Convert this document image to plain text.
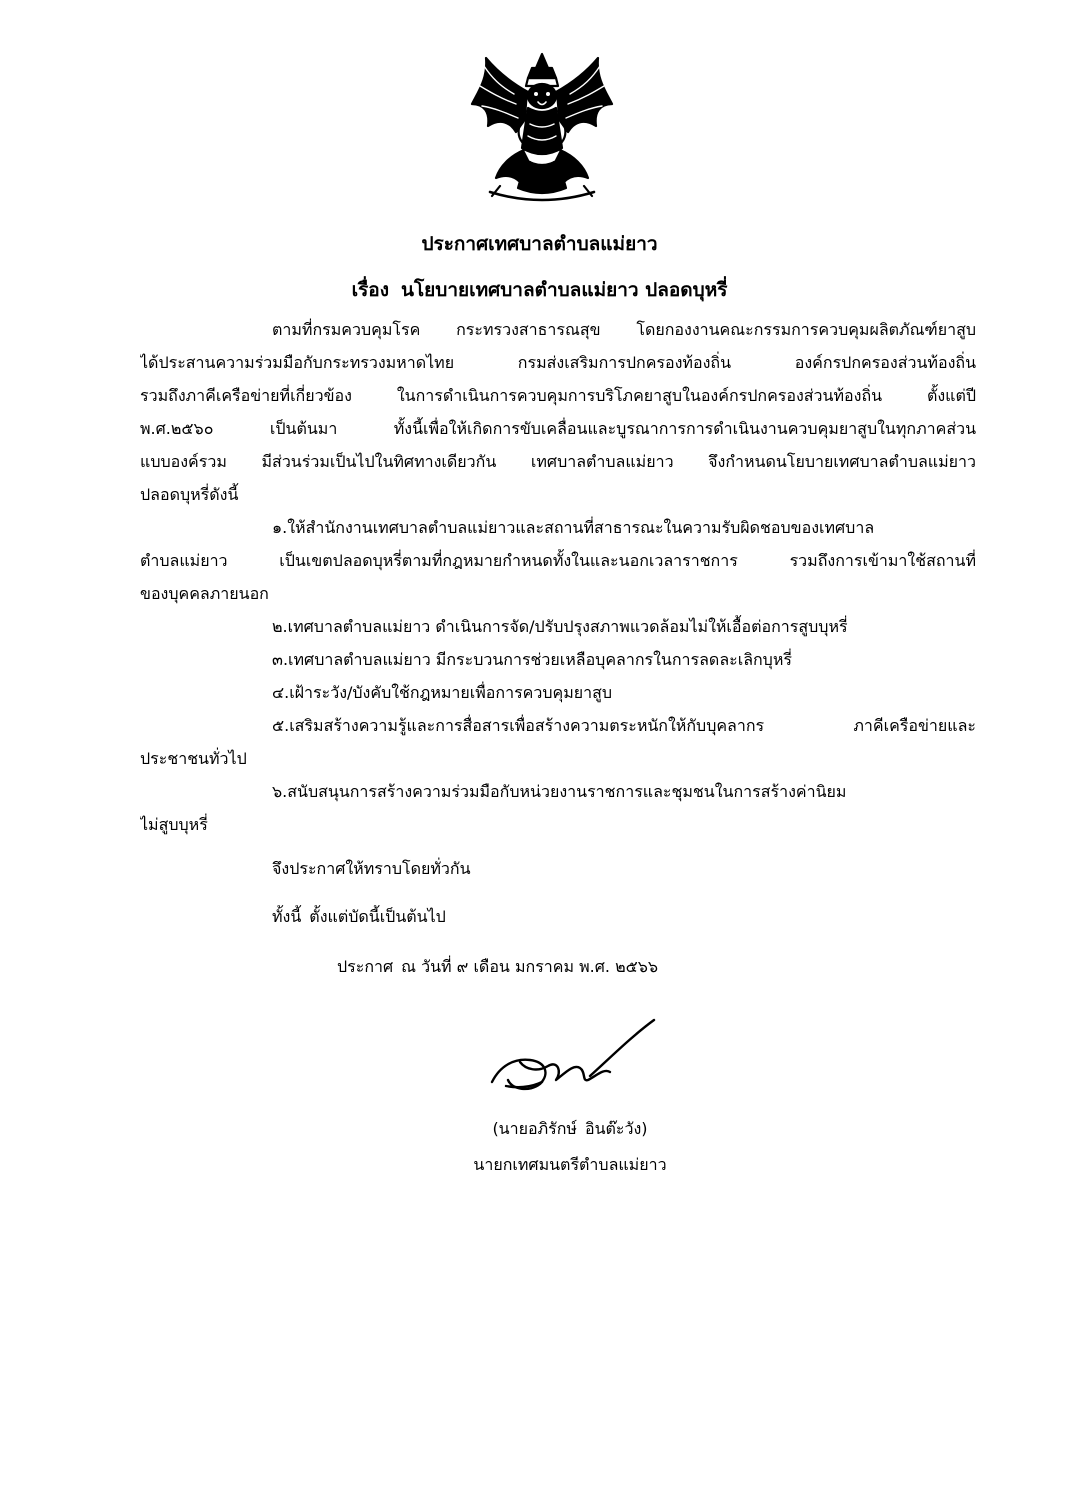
ประกาศเทศบาลตำบลแม่ยาว
เรื่อง นโยบายเทศบาลตำบลแม่ยาว ปลอดบุหรี่
ตามที่กรมควบคุมโรค กระทรวงสาธารณสุข โดยกองงานคณะกรรมการควบคุมผลิตภัณฑ์ยาสูบ
ได้ประสานความร่วมมือกับกระทรวงมหาดไทย กรมส่งเสริมการปกครองท้องถิ่น องค์กรปกครองส่วนท้องถิ่น
รวมถึงภาคีเครือข่ายที่เกี่ยวข้อง ในการดำเนินการควบคุมการบริโภคยาสูบในองค์กรปกครองส่วนท้องถิ่น ตั้งแต่ปี
พ.ศ.๒๕๖๐ เป็นต้นมา ทั้งนี้เพื่อให้เกิดการขับเคลื่อนและบูรณาการการดำเนินงานควบคุมยาสูบในทุกภาคส่วน
แบบองค์รวม มีส่วนร่วมเป็นไปในทิศทางเดียวกัน เทศบาลตำบลแม่ยาว จึงกำหนดนโยบายเทศบาลตำบลแม่ยาว
ปลอดบุหรี่ดังนี้
๑.ให้สำนักงานเทศบาลตำบลแม่ยาวและสถานที่สาธารณะในความรับผิดชอบของเทศบาล
ตำบลแม่ยาว เป็นเขตปลอดบุหรี่ตามที่กฎหมายกำหนดทั้งในและนอกเวลาราชการ รวมถึงการเข้ามาใช้สถานที่
ของบุคคลภายนอก
๒.เทศบาลตำบลแม่ยาว ดำเนินการจัด/ปรับปรุงสภาพแวดล้อมไม่ให้เอื้อต่อการสูบบุหรี่
๓.เทศบาลตำบลแม่ยาว มีกระบวนการช่วยเหลือบุคลากรในการลดละเลิกบุหรี่
๔.เฝ้าระวัง/บังคับใช้กฎหมายเพื่อการควบคุมยาสูบ
๕.เสริมสร้างความรู้และการสื่อสารเพื่อสร้างความตระหนักให้กับบุคลากร ภาคีเครือข่ายและ
ประชาชนทั่วไป
๖.สนับสนุนการสร้างความร่วมมือกับหน่วยงานราชการและชุมชนในการสร้างค่านิยม
ไม่สูบบุหรี่
จึงประกาศให้ทราบโดยทั่วกัน
ทั้งนี้ ตั้งแต่บัดนี้เป็นต้นไป
ประกาศ ณ วันที่ ๙ เดือน มกราคม พ.ศ. ๒๕๖๖
(นายอภิรักษ์ อินต๊ะวัง)
นายกเทศมนตรีตำบลแม่ยาว
